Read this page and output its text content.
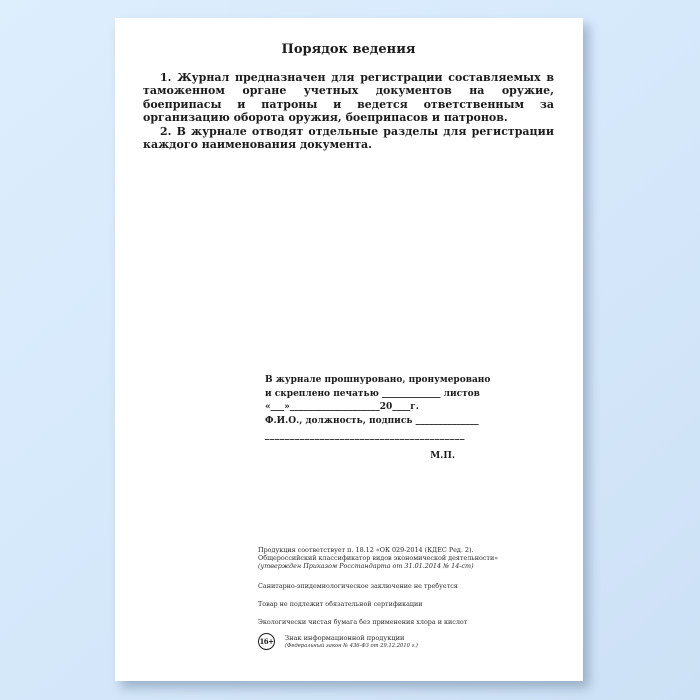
Порядок ведения

1. Журнал предназначен для регистрации составляемых в таможенном органе учетных документов на оружие, боеприпасы и патроны и ведется ответственным за организацию оборота оружия, боеприпасов и патронов.

2. В журнале отводят отдельные разделы для регистрации каждого наименования документа.

В журнале прошнуровано, пронумеровано
и скреплено печатью _____________ листов
«___»____________________20____г.
Ф.И.О., должность, подпись ______________
________________________________________
М.П.
Продукция соответствует п. 18.12 «ОК 029-2014 (КДЕС Ред. 2).
Общероссийский классификатор видов экономической деятельности»
(утвержден Приказом Росстандарта от 31.01.2014 № 14-ст)
Санитарно-эпидемиологическое заключение не требуется
Товар не подлежит обязательной сертификации
Экологически чистая бумага без применения хлора и кислот
16+ Знак информационной продукции
(Федеральный закон № 436-ФЗ от 29.12.2010 г.)
